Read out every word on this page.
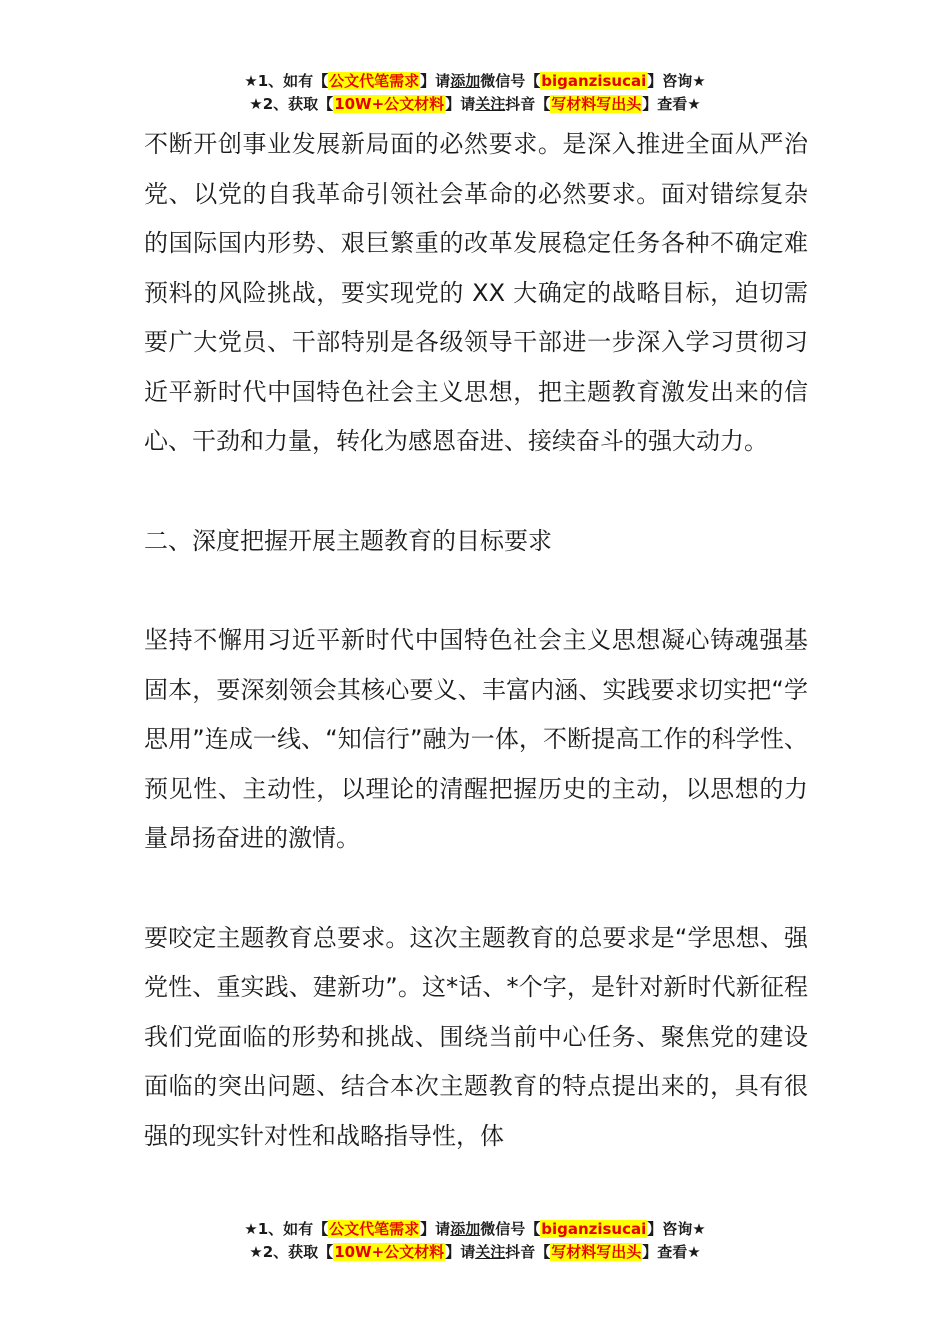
★1、如有【公文代笔需求】请添加微信号【biganzisucai】咨询★
★2、获取【10W+公文材料】请关注抖音【写材料写出头】查看★

不断开创事业发展新局面的必然要求。是深入推进全面从严治党、以党的自我革命引领社会革命的必然要求。面对错综复杂的国际国内形势、艰巨繁重的改革发展稳定任务各种不确定难预料的风险挑战，要实现党的 XX 大确定的战略目标，迫切需要广大党员、干部特别是各级领导干部进一步深入学习贯彻习近平新时代中国特色社会主义思想，把主题教育激发出来的信心、干劲和力量，转化为感恩奋进、接续奋斗的强大动力。

二、深度把握开展主题教育的目标要求

坚持不懈用习近平新时代中国特色社会主义思想凝心铸魂强基固本，要深刻领会其核心要义、丰富内涵、实践要求切实把“学思用”连成一线、“知信行”融为一体，不断提高工作的科学性、预见性、主动性，以理论的清醒把握历史的主动，以思想的力量昂扬奋进的激情。

要咬定主题教育总要求。这次主题教育的总要求是“学思想、强党性、重实践、建新功”。这*话、*个字，是针对新时代新征程我们党面临的形势和挑战、围绕当前中心任务、聚焦党的建设面临的突出问题、结合本次主题教育的特点提出来的，具有很强的现实针对性和战略指导性，体

★1、如有【公文代笔需求】请添加微信号【biganzisucai】咨询★
★2、获取【10W+公文材料】请关注抖音【写材料写出头】查看★
